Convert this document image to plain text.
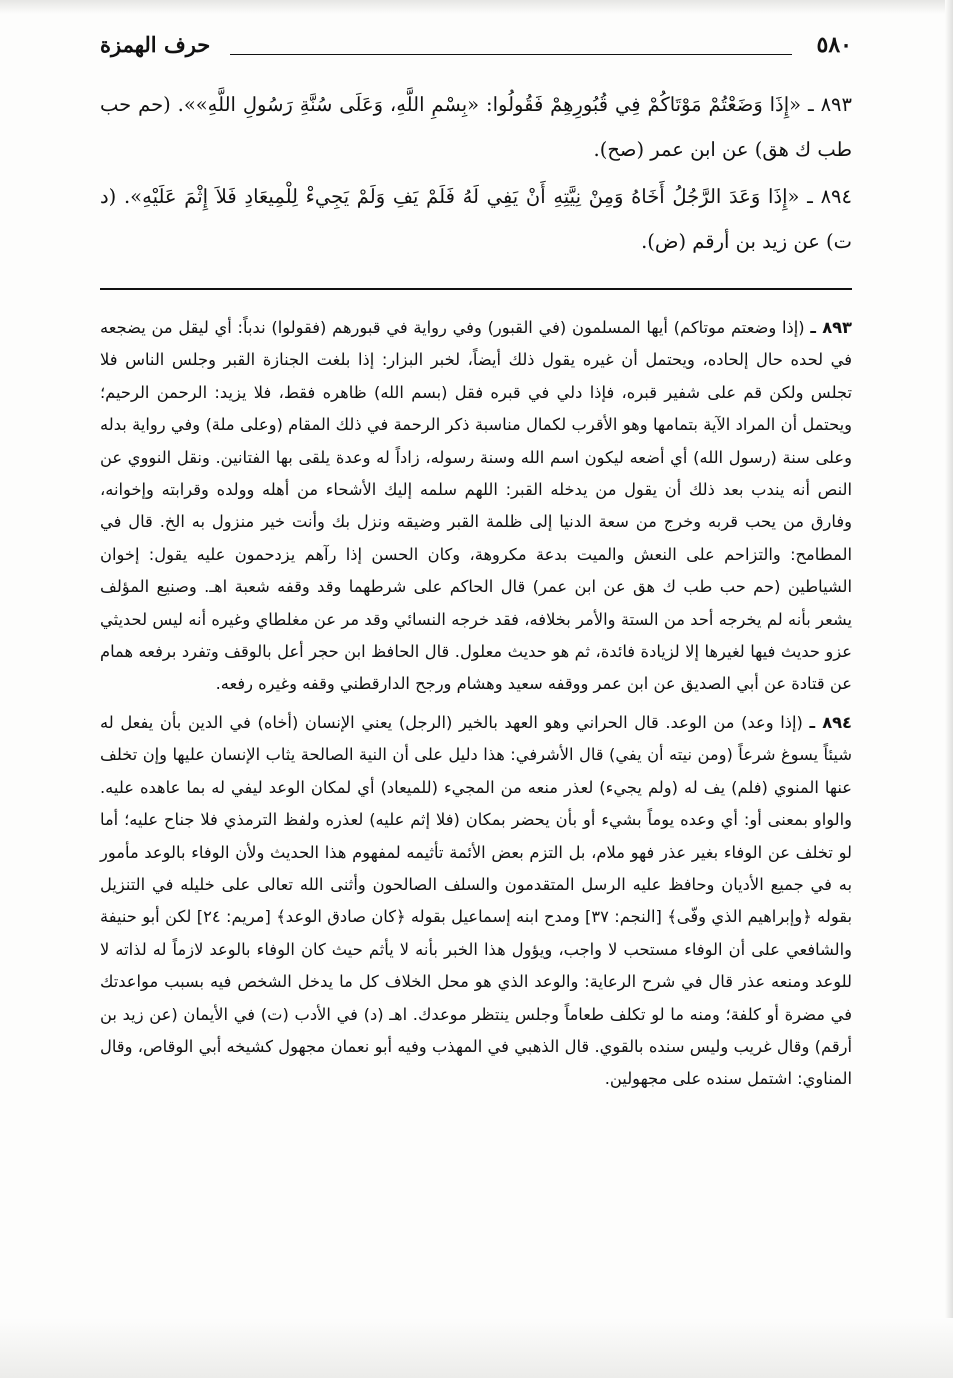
٥٨٠
حرف الهمزة

٨٩٣ ـ «إِذَا وَضَعْتُمْ مَوْتَاكُمْ فِي قُبُورِهِمْ فَقُولُوا: «بِسْمِ اللَّهِ، وَعَلَى سُنَّةِ رَسُولِ اللَّهِ»». (حم حب طب ك هق) عن ابن عمر (صح).

٨٩٤ ـ «إِذَا وَعَدَ الرَّجُلُ أَخَاهُ وَمِنْ نِيَّتِهِ أَنْ يَفِي لَهُ فَلَمْ يَفِ وَلَمْ يَجِيءْ لِلْمِيعَادِ فَلاَ إِثْمَ عَلَيْهِ». (د ت) عن زيد بن أرقم (ض).

٨٩٣ ـ (إذا وضعتم موتاكم) أيها المسلمون (في القبور) وفي رواية في قبورهم (فقولوا) ندباً: أي ليقل من يضجعه في لحده حال إلحاده، ويحتمل أن غيره يقول ذلك أيضاً، لخبر البزار: إذا بلغت الجنازة القبر وجلس الناس فلا تجلس ولكن قم على شفير قبره، فإذا دلي في قبره فقل (بسم الله) ظاهره فقط، فلا يزيد: الرحمن الرحيم؛ ويحتمل أن المراد الآية بتمامها وهو الأقرب لكمال مناسبة ذكر الرحمة في ذلك المقام (وعلى ملة) وفي رواية بدله وعلى سنة (رسول الله) أي أضعه لیکون اسم الله وسنة رسوله، زاداً له وعدة يلقى بها الفتانين. ونقل النووي عن النص أنه يندب بعد ذلك أن يقول من يدخله القبر: اللهم سلمه إليك الأشحاء من أهله وولده وقرابته وإخوانه، وفارق من يحب قربه وخرج من سعة الدنيا إلى ظلمة القبر وضيقه ونزل بك وأنت خير منزول به الخ. قال في المطامح: والتزاحم على النعش والميت بدعة مكروهة، وكان الحسن إذا رآهم يزدحمون عليه يقول: إخوان الشياطين (حم حب طب ك هق عن ابن عمر) قال الحاكم على شرطهما وقد وقفه شعبة اهـ. وصنيع المؤلف يشعر بأنه لم يخرجه أحد من الستة والأمر بخلافه، فقد خرجه النسائي وقد مر عن مغلطاي وغيره أنه ليس لحديثي عزو حديث فيها لغيرها إلا لزيادة فائدة، ثم هو حديث معلول. قال الحافظ ابن حجر أعل بالوقف وتفرد برفعه همام عن قتادة عن أبي الصديق عن ابن عمر ووقفه سعيد وهشام ورجح الدارقطني وقفه وغيره رفعه.

٨٩٤ ـ (إذا وعد) من الوعد. قال الحراني وهو العهد بالخير (الرجل) يعني الإنسان (أخاه) في الدين بأن يفعل له شيئاً يسوغ شرعاً (ومن نيته أن يفي) قال الأشرفي: هذا دليل على أن النية الصالحة يثاب الإنسان عليها وإن تخلف عنها المنوي (فلم) يف له (ولم يجيء) لعذر منعه من المجيء (للميعاد) أي لمكان الوعد ليفي له بما عاهده عليه. والواو بمعنى أو: أي وعده يوماً بشيء أو بأن يحضر بمكان (فلا إثم عليه) لعذره ولفظ الترمذي فلا جناح عليه؛ أما لو تخلف عن الوفاء بغير عذر فهو ملام، بل التزم بعض الأئمة تأثيمه لمفهوم هذا الحديث ولأن الوفاء بالوعد مأمور به في جميع الأديان وحافظ عليه الرسل المتقدمون والسلف الصالحون وأثنى الله تعالى على خليله في التنزيل بقوله ﴿وإبراهيم الذي وفّى﴾ [النجم: ٣٧] ومدح ابنه إسماعيل بقوله ﴿كان صادق الوعد﴾ [مريم: ٢٤] لكن أبو حنيفة والشافعي على أن الوفاء مستحب لا واجب، ويؤول هذا الخبر بأنه لا يأثم حيث كان الوفاء بالوعد لازماً له لذاته لا للوعد ومنعه عذر قال في شرح الرعاية: والوعد الذي هو محل الخلاف كل ما يدخل الشخص فيه بسبب مواعدتك في مضرة أو كلفة؛ ومنه ما لو تكلف طعاماً وجلس ينتظر موعدك. اهـ (د) في الأدب (ت) في الأيمان (عن زيد بن أرقم) وقال غريب وليس سنده بالقوي. قال الذهبي في المهذب وفيه أبو نعمان مجهول كشيخه أبي الوقاص، وقال المناوي: اشتمل سنده على مجهولين.
